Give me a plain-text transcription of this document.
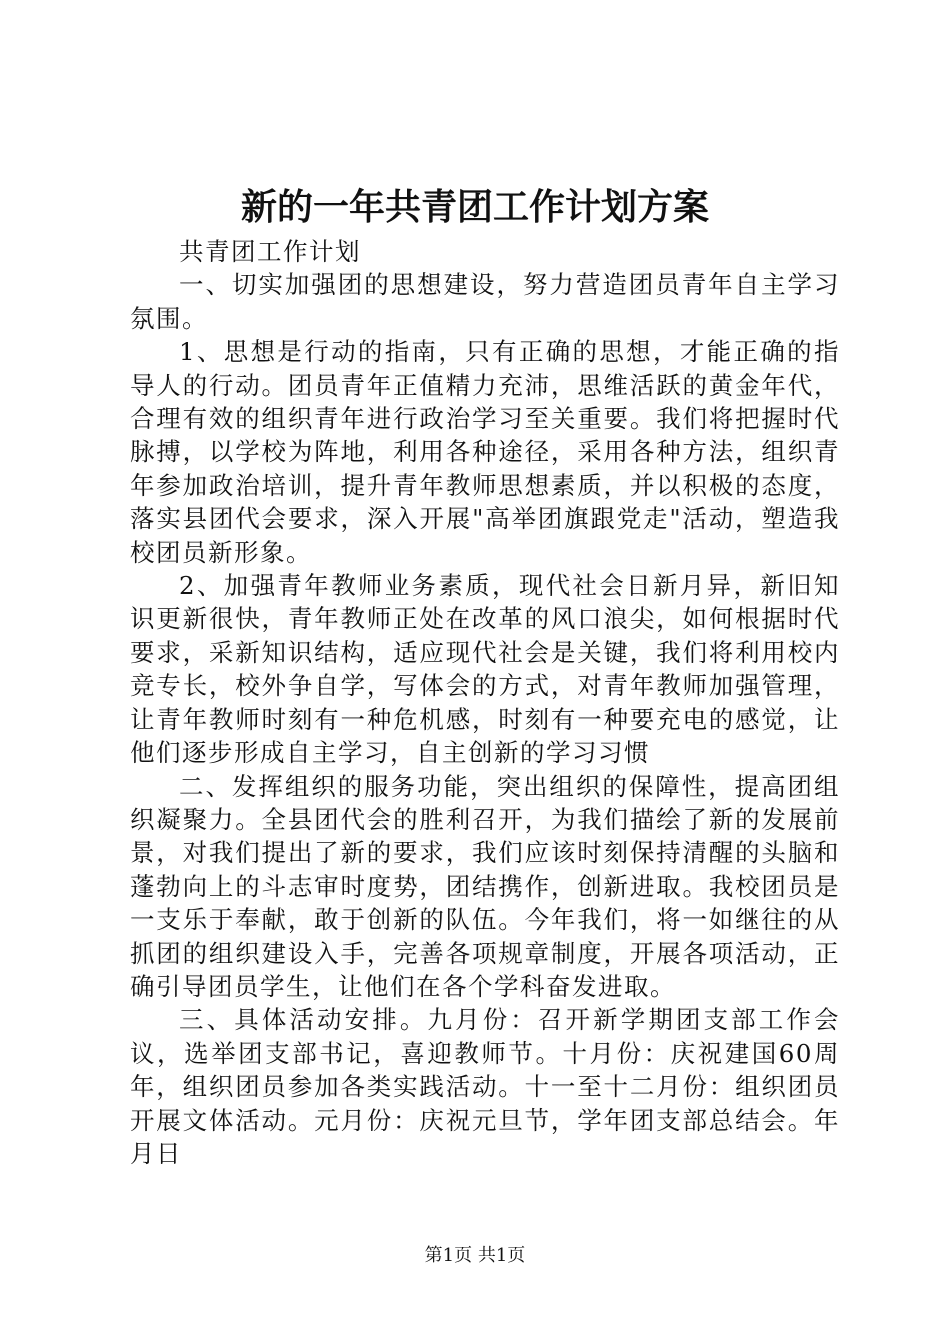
新的一年共青团工作计划方案

共青团工作计划

一、切实加强团的思想建设，努力营造团员青年自主学习氛围。

1、思想是行动的指南，只有正确的思想，才能正确的指导人的行动。团员青年正值精力充沛，思维活跃的黄金年代，合理有效的组织青年进行政治学习至关重要。我们将把握时代脉搏，以学校为阵地，利用各种途径，采用各种方法，组织青年参加政治培训，提升青年教师思想素质，并以积极的态度，落实县团代会要求，深入开展"高举团旗跟党走"活动，塑造我校团员新形象。

2、加强青年教师业务素质，现代社会日新月异，新旧知识更新很快，青年教师正处在改革的风口浪尖，如何根据时代要求，采新知识结构，适应现代社会是关键，我们将利用校内竞专长，校外争自学，写体会的方式，对青年教师加强管理，让青年教师时刻有一种危机感，时刻有一种要充电的感觉，让他们逐步形成自主学习，自主创新的学习习惯

二、发挥组织的服务功能，突出组织的保障性，提高团组织凝聚力。全县团代会的胜利召开，为我们描绘了新的发展前景，对我们提出了新的要求，我们应该时刻保持清醒的头脑和蓬勃向上的斗志审时度势，团结携作，创新进取。我校团员是一支乐于奉献，敢于创新的队伍。今年我们，将一如继往的从抓团的组织建设入手，完善各项规章制度，开展各项活动，正确引导团员学生，让他们在各个学科奋发进取。

三、具体活动安排。九月份：召开新学期团支部工作会议，选举团支部书记，喜迎教师节。十月份：庆祝建国60周年，组织团员参加各类实践活动。十一至十二月份：组织团员开展文体活动。元月份：庆祝元旦节，学年团支部总结会。年月日

第1页 共1页
